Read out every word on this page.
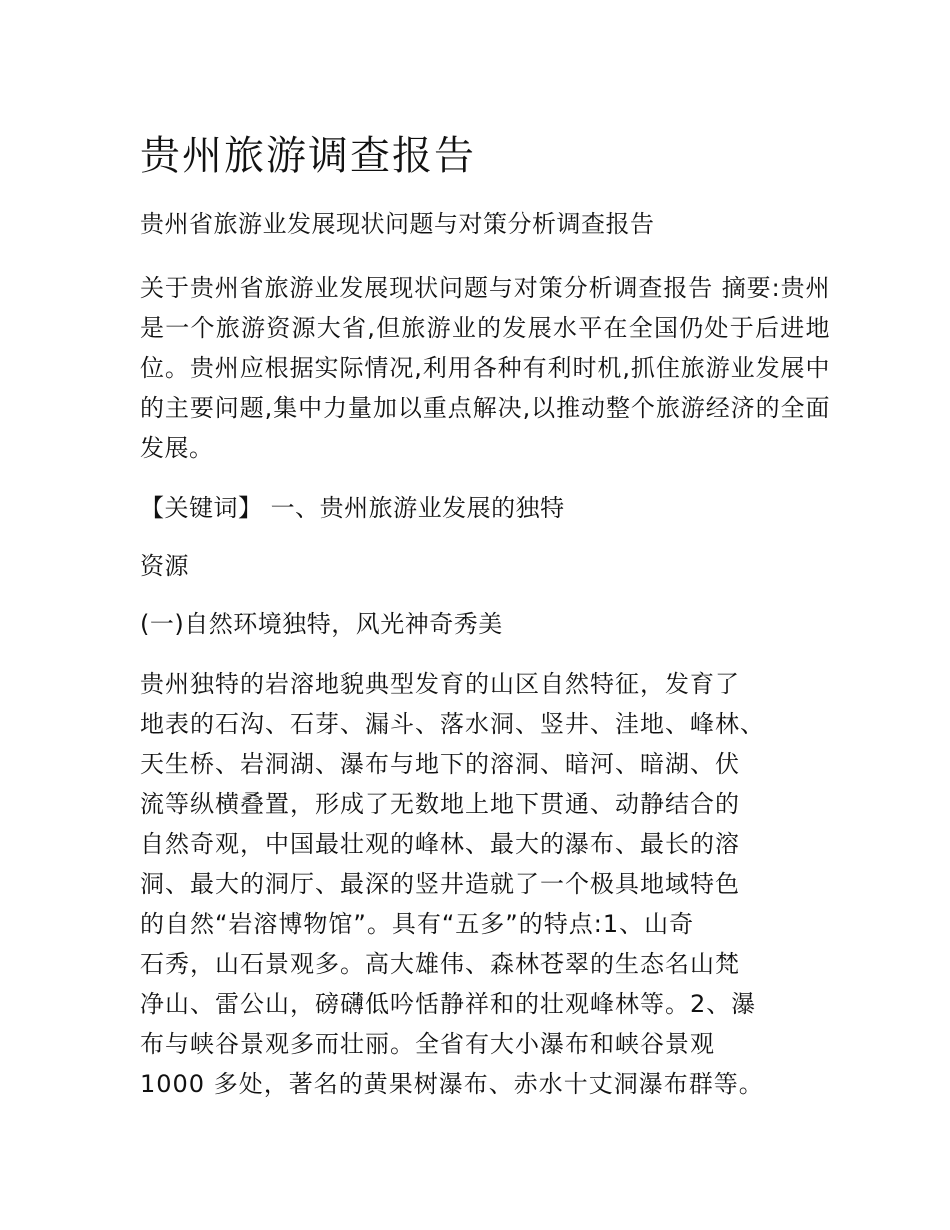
贵州旅游调查报告

贵州省旅游业发展现状问题与对策分析调查报告

关于贵州省旅游业发展现状问题与对策分析调查报告 摘要:贵州是一个旅游资源大省,但旅游业的发展水平在全国仍处于后进地位。贵州应根据实际情况,利用各种有利时机,抓住旅游业发展中的主要问题,集中力量加以重点解决,以推动整个旅游经济的全面发展。

【关键词】 一、贵州旅游业发展的独特

资源

(一)自然环境独特，风光神奇秀美

贵州独特的岩溶地貌典型发育的山区自然特征，发育了
地表的石沟、石芽、漏斗、落水洞、竖井、洼地、峰林、
天生桥、岩洞湖、瀑布与地下的溶洞、暗河、暗湖、伏
流等纵横叠置，形成了无数地上地下贯通、动静结合的
自然奇观，中国最壮观的峰林、最大的瀑布、最长的溶
洞、最大的洞厅、最深的竖井造就了一个极具地域特色
的自然“岩溶博物馆”。具有“五多”的特点:1、山奇
石秀，山石景观多。高大雄伟、森林苍翠的生态名山梵
净山、雷公山，磅礴低吟恬静祥和的壮观峰林等。2、瀑
布与峡谷景观多而壮丽。全省有大小瀑布和峡谷景观
1000 多处，著名的黄果树瀑布、赤水十丈洞瀑布群等。
